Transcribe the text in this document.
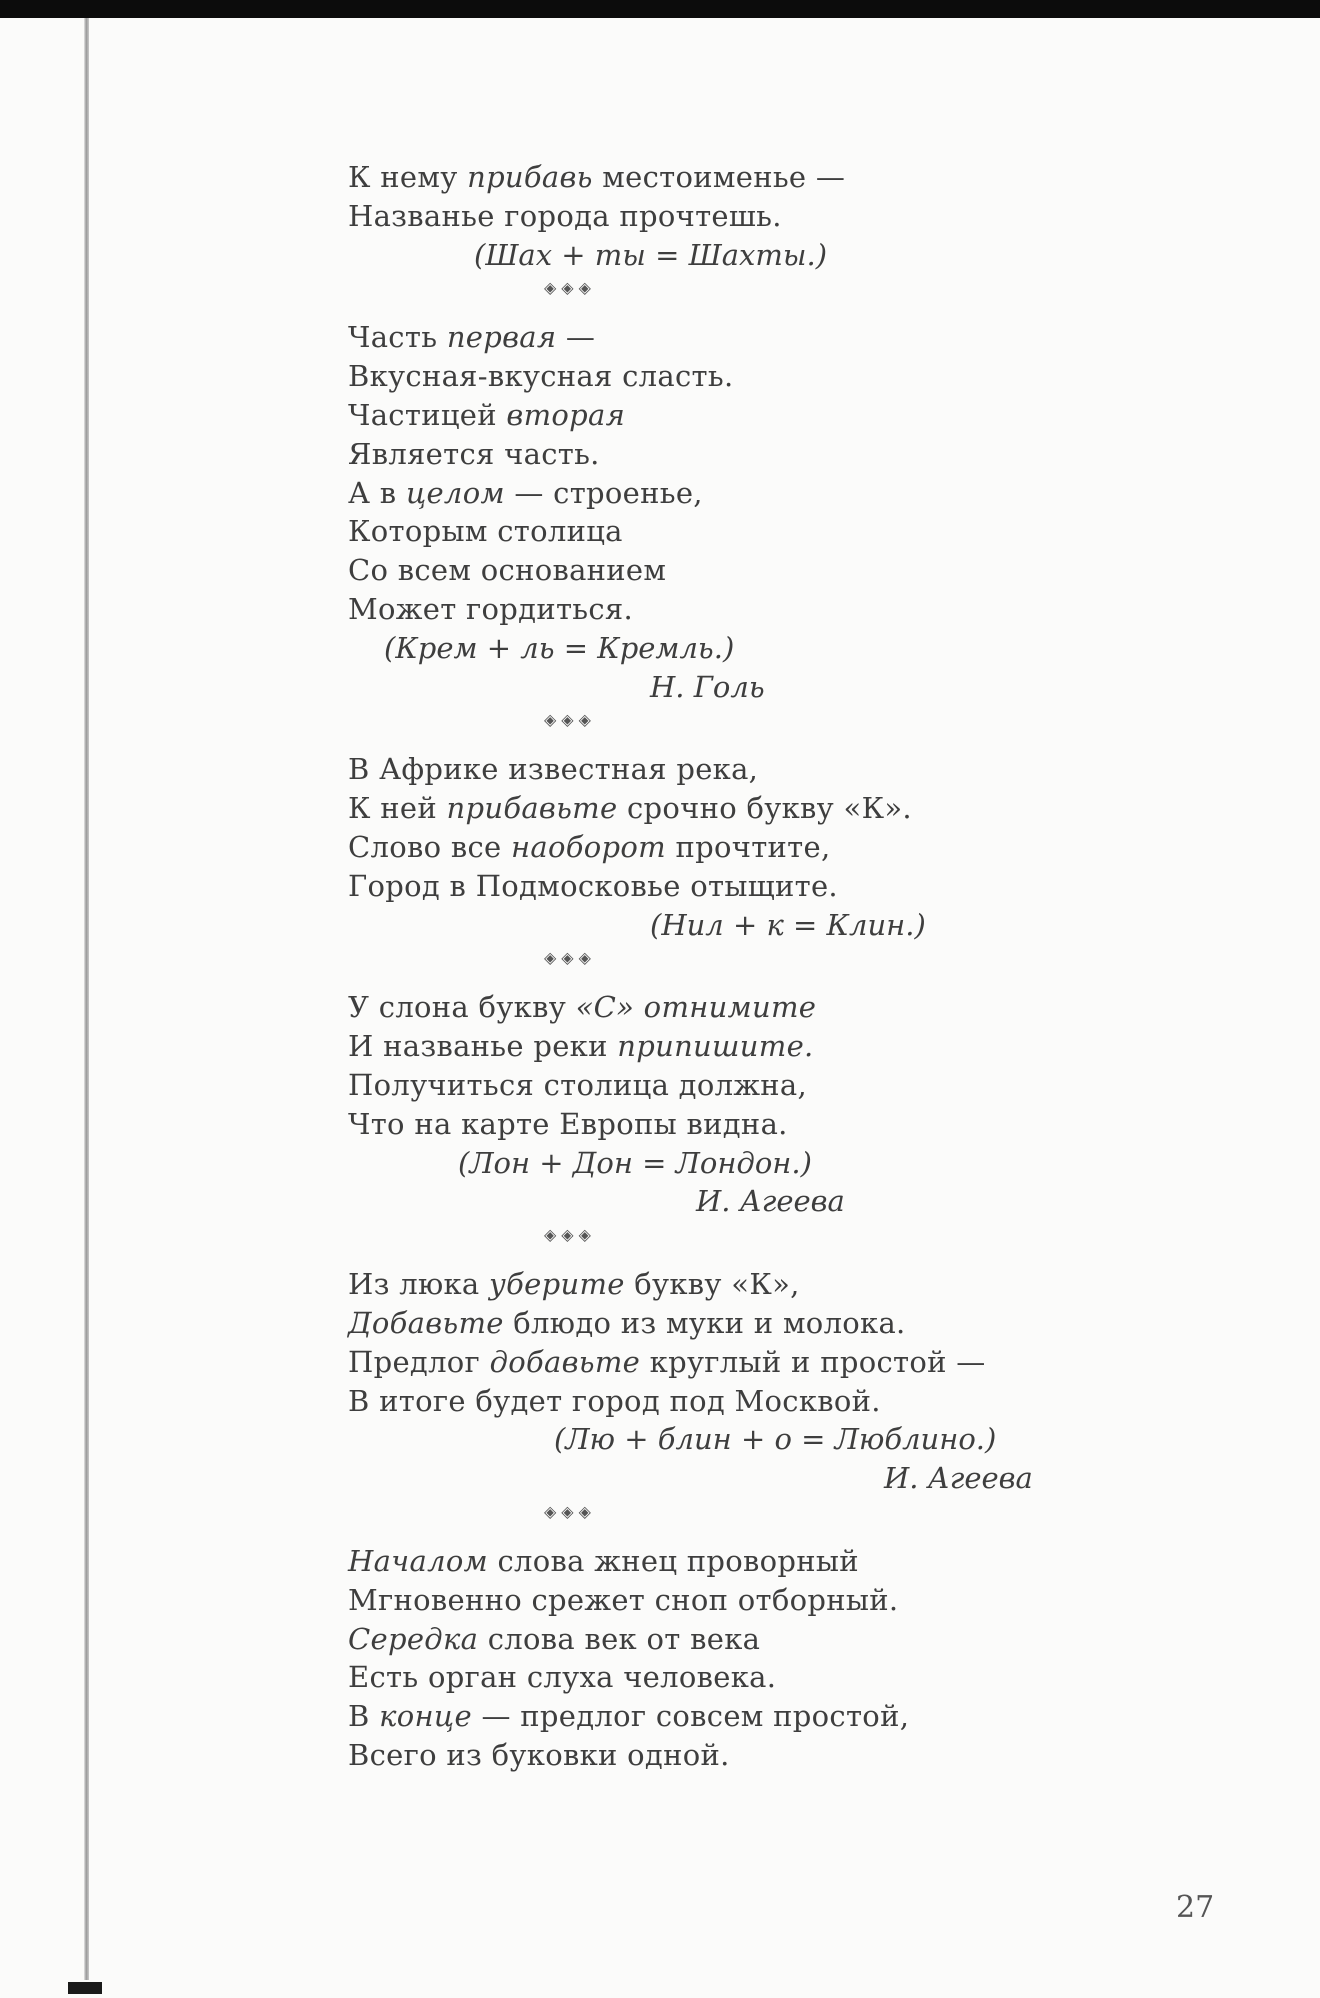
К нему прибавь местоименье —
Названье города прочтешь.
(Шах + ты = Шахты.)
◈◈◈
Часть первая —
Вкусная-вкусная сласть.
Частицей вторая
Является часть.
А в целом — строенье,
Которым столица
Со всем основанием
Может гордиться.
(Крем + ль = Кремль.)
Н. Голь
◈◈◈
В Африке известная река,
К ней прибавьте срочно букву «К».
Слово все наоборот прочтите,
Город в Подмосковье отыщите.
(Нил + к = Клин.)
◈◈◈
У слона букву «С» отнимите
И названье реки припишите.
Получиться столица должна,
Что на карте Европы видна.
(Лон + Дон = Лондон.)
И. Агеева
◈◈◈
Из люка уберите букву «К»,
Добавьте блюдо из муки и молока.
Предлог добавьте круглый и простой —
В итоге будет город под Москвой.
(Лю + блин + о = Люблино.)
И. Агеева
◈◈◈
Началом слова жнец проворный
Мгновенно срежет сноп отборный.
Середка слова век от века
Есть орган слуха человека.
В конце — предлог совсем простой,
Всего из буковки одной.
27
